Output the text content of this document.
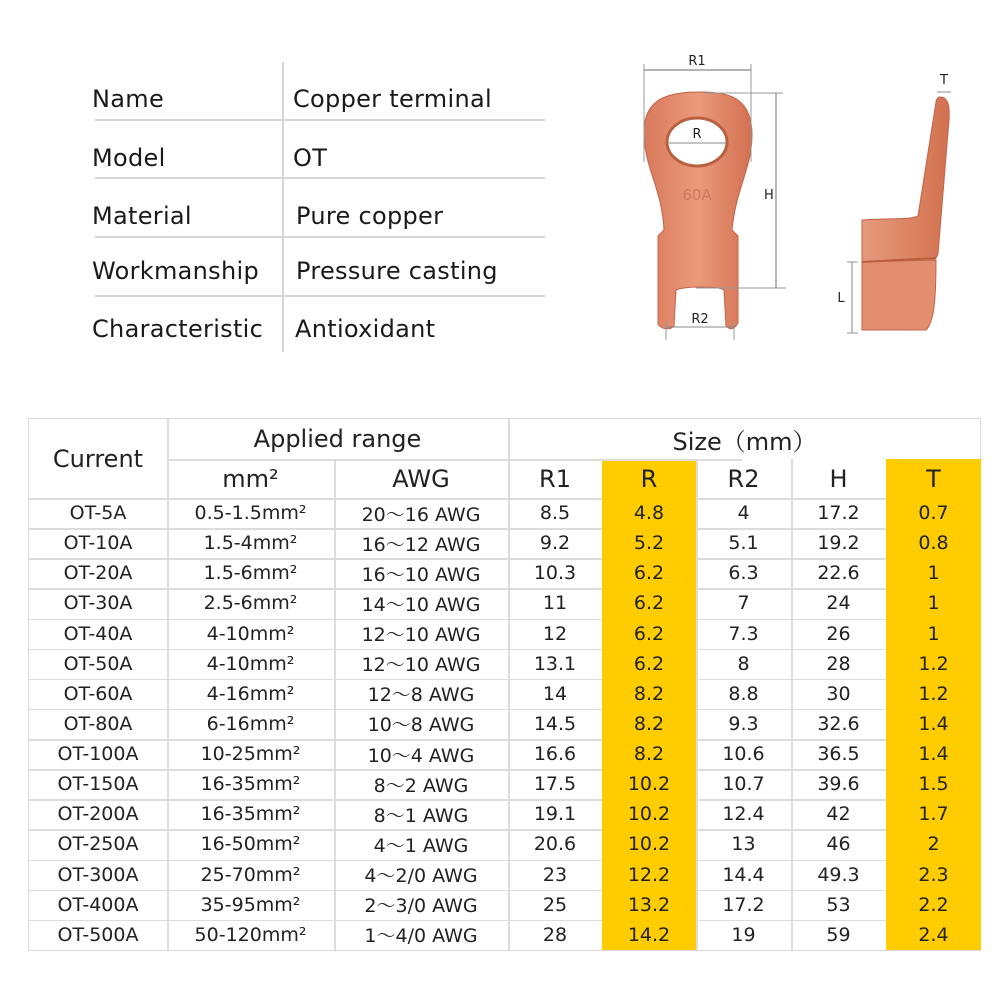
Name	Copper terminal
Model	OT
Material	Pure copper
Workmanship	Pressure casting
Characteristic	Antioxidant
60A
R1
R
H
R2
T
L
Current
Applied range	Size（mm）
mm²	AWG	R1	R	R2	H	T
OT-5A	0.5-1.5mm²	20～16 AWG	8.5	4.8	4	17.2	0.7
OT-10A	1.5-4mm²	16～12 AWG	9.2	5.2	5.1	19.2	0.8
OT-20A	1.5-6mm²	16～10 AWG	10.3	6.2	6.3	22.6	1
OT-30A	2.5-6mm²	14～10 AWG	11	6.2	7	24	1
OT-40A	4-10mm²	12～10 AWG	12	6.2	7.3	26	1
OT-50A	4-10mm²	12～10 AWG	13.1	6.2	8	28	1.2
OT-60A	4-16mm²	12～8 AWG	14	8.2	8.8	30	1.2
OT-80A	6-16mm²	10～8 AWG	14.5	8.2	9.3	32.6	1.4
OT-100A	10-25mm²	10～4 AWG	16.6	8.2	10.6	36.5	1.4
OT-150A	16-35mm²	8～2 AWG	17.5	10.2	10.7	39.6	1.5
OT-200A	16-35mm²	8～1 AWG	19.1	10.2	12.4	42	1.7
OT-250A	16-50mm²	4～1 AWG	20.6	10.2	13	46	2
OT-300A	25-70mm²	4～2/0 AWG	23	12.2	14.4	49.3	2.3
OT-400A	35-95mm²	2～3/0 AWG	25	13.2	17.2	53	2.2
OT-500A	50-120mm²	1～4/0 AWG	28	14.2	19	59	2.4
